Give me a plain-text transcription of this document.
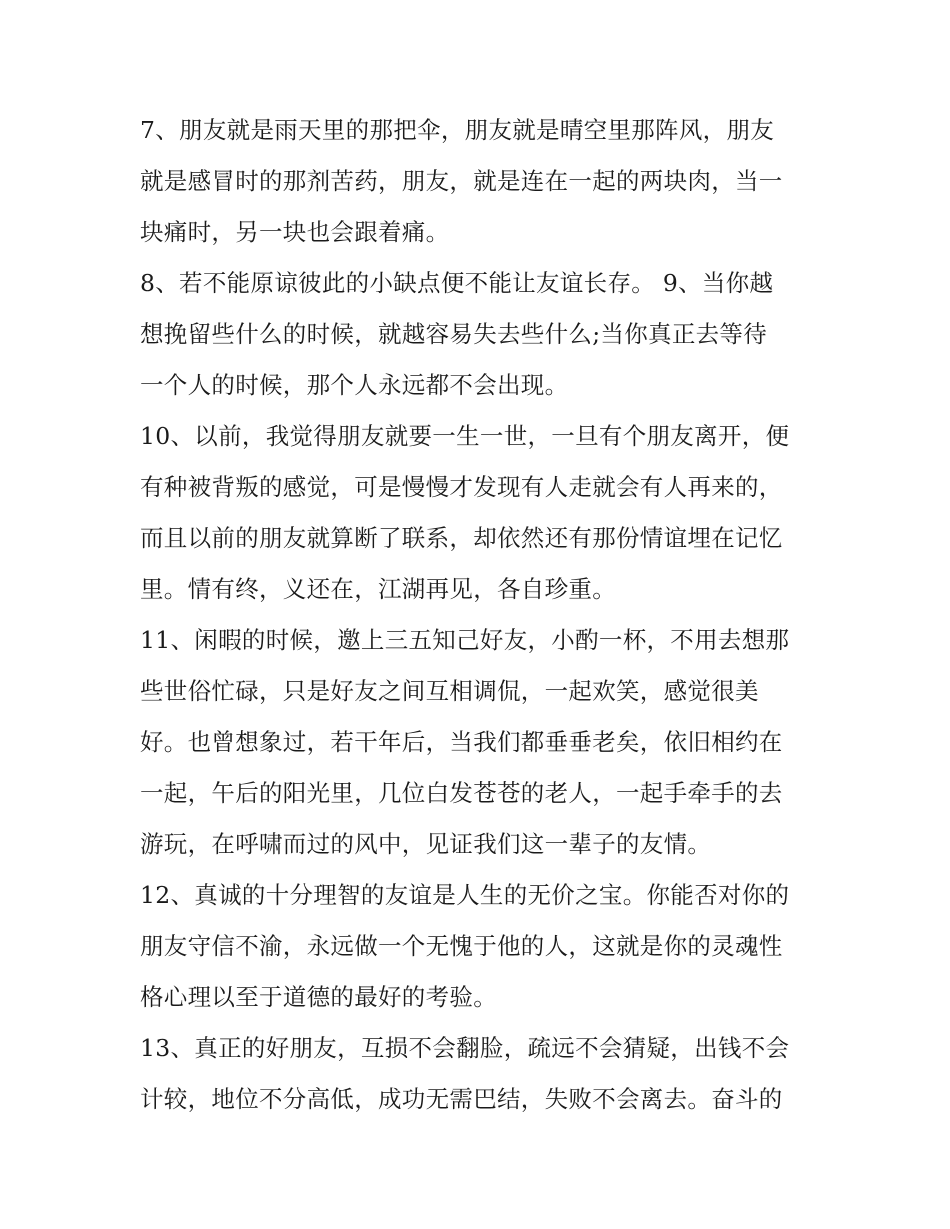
7、朋友就是雨天里的那把伞，朋友就是晴空里那阵风，朋友
就是感冒时的那剂苦药，朋友，就是连在一起的两块肉，当一
块痛时，另一块也会跟着痛。

8、若不能原谅彼此的小缺点便不能让友谊长存。 9、当你越
想挽留些什么的时候，就越容易失去些什么;当你真正去等待
一个人的时候，那个人永远都不会出现。

10、以前，我觉得朋友就要一生一世，一旦有个朋友离开，便
有种被背叛的感觉，可是慢慢才发现有人走就会有人再来的，
而且以前的朋友就算断了联系，却依然还有那份情谊埋在记忆
里。情有终，义还在，江湖再见，各自珍重。

11、闲暇的时候，邀上三五知己好友，小酌一杯，不用去想那
些世俗忙碌，只是好友之间互相调侃，一起欢笑，感觉很美
好。也曾想象过，若干年后，当我们都垂垂老矣，依旧相约在
一起，午后的阳光里，几位白发苍苍的老人，一起手牵手的去
游玩，在呼啸而过的风中，见证我们这一辈子的友情。

12、真诚的十分理智的友谊是人生的无价之宝。你能否对你的
朋友守信不渝，永远做一个无愧于他的人，这就是你的灵魂性
格心理以至于道德的最好的考验。

13、真正的好朋友，互损不会翻脸，疏远不会猜疑，出钱不会
计较，地位不分高低，成功无需巴结，失败不会离去。奋斗的
